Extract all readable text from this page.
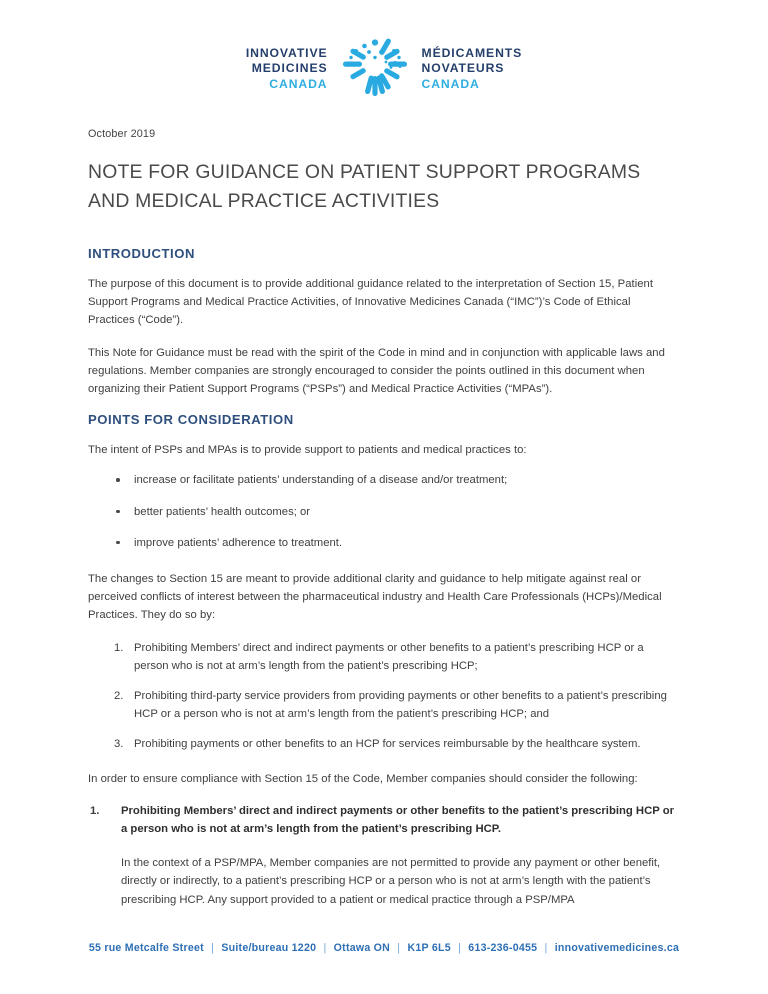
INNOVATIVE
MEDICINES
CANADA
MÉDICAMENTS
NOVATEURS
CANADA
October 2019
NOTE FOR GUIDANCE ON PATIENT SUPPORT PROGRAMS AND MEDICAL PRACTICE ACTIVITIES
INTRODUCTION

The purpose of this document is to provide additional guidance related to the interpretation of Section 15, Patient Support Programs and Medical Practice Activities, of Innovative Medicines Canada (“IMC”)’s Code of Ethical Practices (“Code”).

This Note for Guidance must be read with the spirit of the Code in mind and in conjunction with applicable laws and regulations. Member companies are strongly encouraged to consider the points outlined in this document when organizing their Patient Support Programs (“PSPs”) and Medical Practice Activities (“MPAs”).

POINTS FOR CONSIDERATION

The intent of PSPs and MPAs is to provide support to patients and medical practices to:

increase or facilitate patients’ understanding of a disease and/or treatment;
better patients’ health outcomes; or
improve patients’ adherence to treatment.

The changes to Section 15 are meant to provide additional clarity and guidance to help mitigate against real or perceived conflicts of interest between the pharmaceutical industry and Health Care Professionals (HCPs)/Medical Practices. They do so by:

1. Prohibiting Members’ direct and indirect payments or other benefits to a patient’s prescribing HCP or a person who is not at arm’s length from the patient’s prescribing HCP;
2. Prohibiting third-party service providers from providing payments or other benefits to a patient’s prescribing HCP or a person who is not at arm’s length from the patient’s prescribing HCP; and
3. Prohibiting payments or other benefits to an HCP for services reimbursable by the healthcare system.

In order to ensure compliance with Section 15 of the Code, Member companies should consider the following:

1. Prohibiting Members’ direct and indirect payments or other benefits to the patient’s prescribing HCP or a person who is not at arm’s length from the patient’s prescribing HCP.

In the context of a PSP/MPA, Member companies are not permitted to provide any payment or other benefit, directly or indirectly, to a patient’s prescribing HCP or a person who is not at arm’s length with the patient’s prescribing HCP. Any support provided to a patient or medical practice through a PSP/MPA

55 rue Metcalfe Street | Suite/bureau 1220 | Ottawa ON | K1P 6L5 | 613-236-0455 | innovativemedicines.ca
